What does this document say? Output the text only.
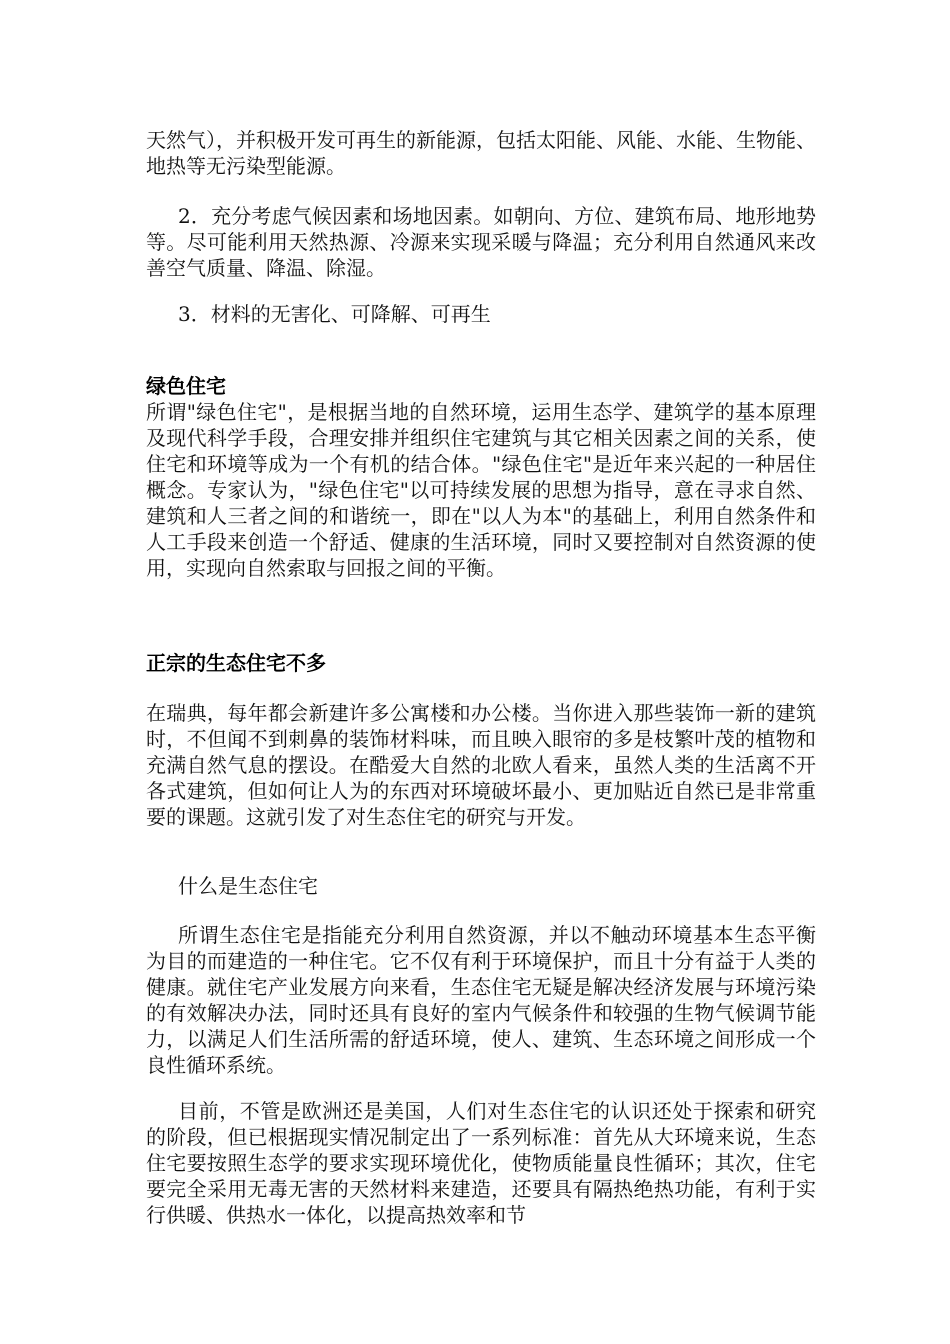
天然气），并积极开发可再生的新能源，包括太阳能、风能、水能、生物能、地热等无污染型能源。
2．充分考虑气候因素和场地因素。如朝向、方位、建筑布局、地形地势等。尽可能利用天然热源、冷源来实现采暖与降温；充分利用自然通风来改善空气质量、降温、除湿。
3．材料的无害化、可降解、可再生
绿色住宅
所谓"绿色住宅"，是根据当地的自然环境，运用生态学、建筑学的基本原理及现代科学手段，合理安排并组织住宅建筑与其它相关因素之间的关系，使住宅和环境等成为一个有机的结合体。"绿色住宅"是近年来兴起的一种居住概念。专家认为，"绿色住宅"以可持续发展的思想为指导，意在寻求自然、建筑和人三者之间的和谐统一，即在"以人为本"的基础上，利用自然条件和人工手段来创造一个舒适、健康的生活环境，同时又要控制对自然资源的使用，实现向自然索取与回报之间的平衡。
正宗的生态住宅不多
在瑞典，每年都会新建许多公寓楼和办公楼。当你进入那些装饰一新的建筑时，不但闻不到刺鼻的装饰材料味，而且映入眼帘的多是枝繁叶茂的植物和充满自然气息的摆设。在酷爱大自然的北欧人看来，虽然人类的生活离不开各式建筑，但如何让人为的东西对环境破坏最小、更加贴近自然已是非常重要的课题。这就引发了对生态住宅的研究与开发。
什么是生态住宅
所谓生态住宅是指能充分利用自然资源，并以不触动环境基本生态平衡为目的而建造的一种住宅。它不仅有利于环境保护，而且十分有益于人类的健康。就住宅产业发展方向来看，生态住宅无疑是解决经济发展与环境污染的有效解决办法，同时还具有良好的室内气候条件和较强的生物气候调节能力，以满足人们生活所需的舒适环境，使人、建筑、生态环境之间形成一个良性循环系统。
目前，不管是欧洲还是美国，人们对生态住宅的认识还处于探索和研究的阶段，但已根据现实情况制定出了一系列标准：首先从大环境来说，生态住宅要按照生态学的要求实现环境优化，使物质能量良性循环；其次，住宅要完全采用无毒无害的天然材料来建造，还要具有隔热绝热功能，有利于实行供暖、供热水一体化，以提高热效率和节
